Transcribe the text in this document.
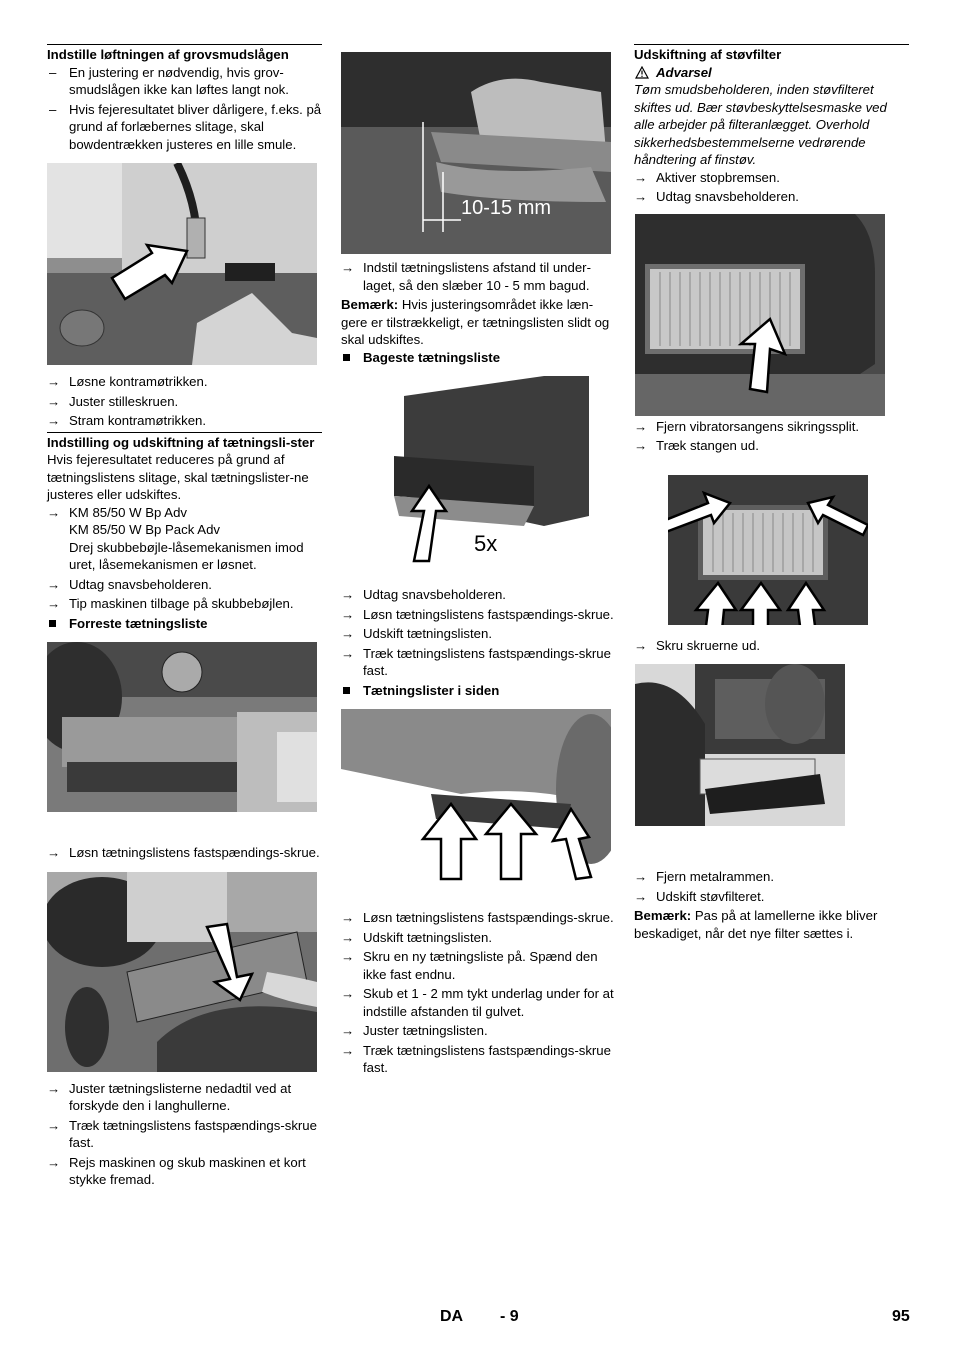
Indstille løftningen af grovsmudslågen

– En justering er nødvendig, hvis grov-smudslågen ikke kan løftes langt nok.
– Hvis fejeresultatet bliver dårligere, f.eks. på grund af forlæbernes slitage, skal bowdentrækken justeres en lille smule.
→ Løsne kontramøtrikken.
→ Juster stilleskruen.
→ Stram kontramøtrikken.

Indstilling og udskiftning af tætningsli-ster

Hvis fejeresultatet reduceres på grund af tætningslistens slitage, skal tætningslister-ne justeres eller udskiftes.

→ KM 85/50 W Bp Adv

KM 85/50 W Bp Pack Adv

Drej skubbebøjle-låsemekanismen imod uret, låsemekanismen er løsnet.

→ Udtag snavsbeholderen.
→ Tip maskinen tilbage på skubbebøjlen.
Forreste tætningsliste
→ Løsn tætningslistens fastspændings-skrue.
→ Juster tætningslisterne nedadtil ved at forskyde den i langhullerne.
→ Træk tætningslistens fastspændings-skrue fast.
→ Rejs maskinen og skub maskinen et kort stykke fremad.
10-15 mm
→ Indstil tætningslistens afstand til under-laget, så den slæber 10 - 5 mm bagud.

Bemærk: Hvis justeringsområdet ikke læn-gere er tilstrækkeligt, er tætningslisten slidt og skal udskiftes.

Bageste tætningsliste
5x
→ Udtag snavsbeholderen.
→ Løsn tætningslistens fastspændings-skrue.
→ Udskift tætningslisten.
→ Træk tætningslistens fastspændings-skrue fast.
Tætningslister i siden
→ Løsn tætningslistens fastspændings-skrue.
→ Udskift tætningslisten.
→ Skru en ny tætningsliste på. Spænd den ikke fast endnu.
→ Skub et 1 - 2 mm tykt underlag under for at indstille afstanden til gulvet.
→ Juster tætningslisten.
→ Træk tætningslistens fastspændings-skrue fast.

Udskiftning af støvfilter

Advarsel

Tøm smudsbeholderen, inden støvfilteret skiftes ud. Bær støvbeskyttelsesmaske ved alle arbejder på filteranlægget. Overhold sikkerhedsbestemmelserne vedrørende håndtering af finstøv.

→ Aktiver stopbremsen.
→ Udtag snavsbeholderen.
→ Fjern vibratorsangens sikringssplit.
→ Træk stangen ud.
→ Skru skruerne ud.
→ Fjern metalrammen.
→ Udskift støvfilteret.

Bemærk: Pas på at lamellerne ikke bliver beskadiget, når det nye filter sættes i.

DA - 9	95
